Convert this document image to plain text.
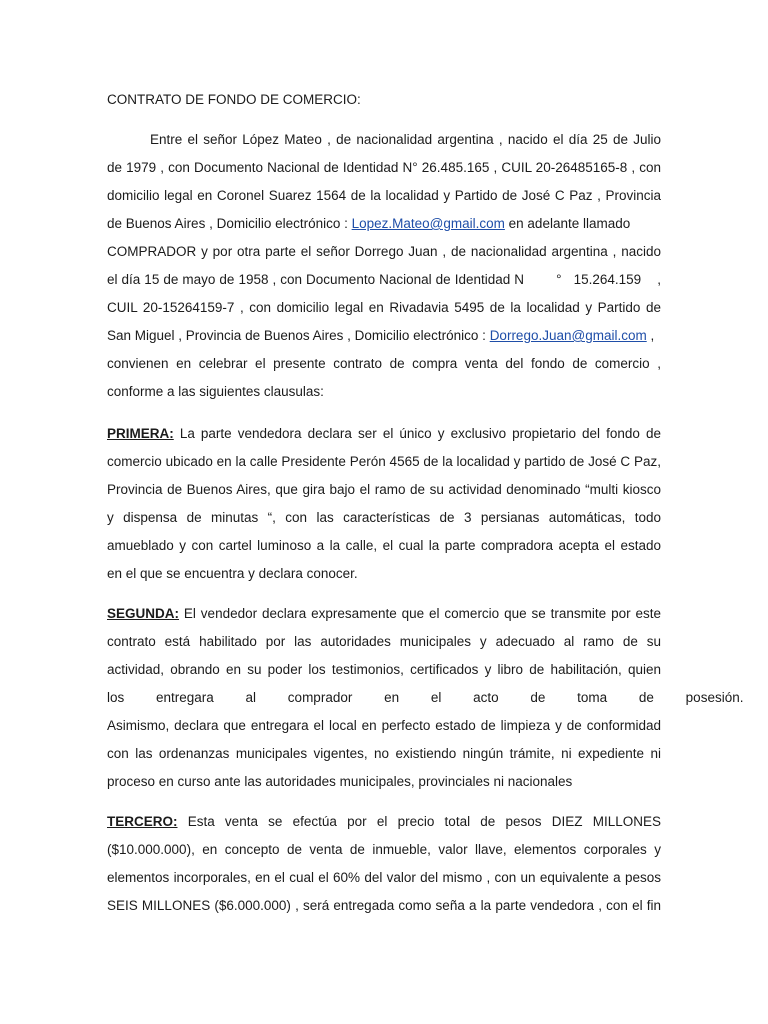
CONTRATO DE FONDO DE COMERCIO:
Entre el señor López Mateo , de nacionalidad argentina , nacido el día 25 de Julio
de 1979 , con Documento Nacional de Identidad N° 26.485.165 , CUIL 20-26485165-8 , con
domicilio legal en Coronel Suarez 1564 de la localidad y Partido de José C Paz , Provincia
de Buenos Aires , Domicilio electrónico : Lopez.Mateo@gmail.com en adelante llamado
COMPRADOR y por otra parte el señor Dorrego Juan , de nacionalidad argentina , nacido
el día 15 de mayo de 1958 , con Documento Nacional de Identidad N        °   15.264.159    ,
CUIL 20-15264159-7 , con domicilio legal en Rivadavia 5495 de la localidad y Partido de
San Miguel , Provincia de Buenos Aires , Domicilio electrónico : Dorrego.Juan@gmail.com ,
convienen en celebrar el presente contrato de compra venta del fondo de comercio ,
conforme a las siguientes clausulas:
PRIMERA: La parte vendedora declara ser el único y exclusivo propietario del fondo de
comercio ubicado en la calle Presidente Perón 4565 de la localidad y partido de José C Paz,
Provincia de Buenos Aires, que gira bajo el ramo de su actividad denominado “multi kiosco
y dispensa de minutas “, con las características de 3 persianas automáticas, todo
amueblado y con cartel luminoso a la calle, el cual la parte compradora acepta el estado
en el que se encuentra y declara conocer.
SEGUNDA: El vendedor declara expresamente que el comercio que se transmite por este
contrato está habilitado por las autoridades municipales y adecuado al ramo de su
actividad, obrando en su poder los testimonios, certificados y libro de habilitación, quien
los entregara al comprador en el acto de toma de posesión.
Asimismo, declara que entregara el local en perfecto estado de limpieza y de conformidad
con las ordenanzas municipales vigentes, no existiendo ningún trámite, ni expediente ni
proceso en curso ante las autoridades municipales, provinciales ni nacionales
TERCERO: Esta venta se efectúa por el precio total de pesos DIEZ MILLONES
($10.000.000), en concepto de venta de inmueble, valor llave, elementos corporales y
elementos incorporales, en el cual el 60% del valor del mismo , con un equivalente a pesos
SEIS MILLONES ($6.000.000) , será entregada como seña a la parte vendedora , con el fin
